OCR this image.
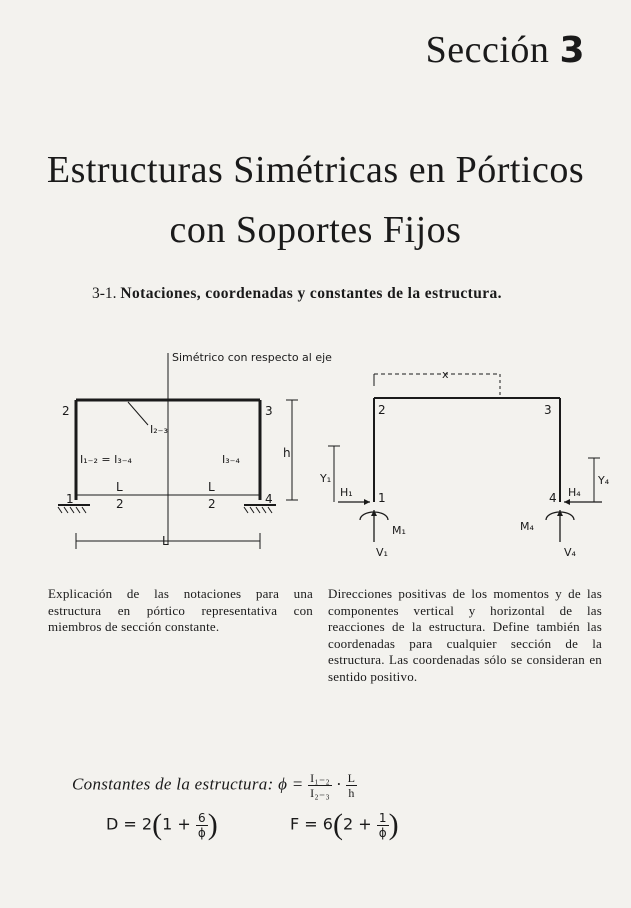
Sección 3
Estructuras Simétricas en Pórticos
con Soportes Fijos
3-1. Notaciones, coordenadas y constantes de la estructura.
Simétrico con respecto al eje
2	3
1	4
I₂₋₃
I₁₋₂ = I₃₋₄	I₃₋₄	h
L
2
L
2
L
x
2	3
1	4
Y₁
H₁
M₁
V₁
Y₄
H₄
M₄
V₄
Explicación de las notaciones para una estructura en pórtico representativa con miembros de sección constante.
Direcciones positivas de los momentos y de las componentes vertical y horizontal de las reacciones de la estructura. Define también las coordenadas para cualquier sección de la estructura. Las coordenadas sólo se consideran en sentido positivo.
Constantes de la estructura: $\phi = \frac{\text{I₁₋₂}}{\text{I₂₋₃}} \cdot \frac{L}{h}$
$D = 2(1 + \frac{6}{\phi}$ )	$F = 6(2 + \frac{1}{\phi}$ )
